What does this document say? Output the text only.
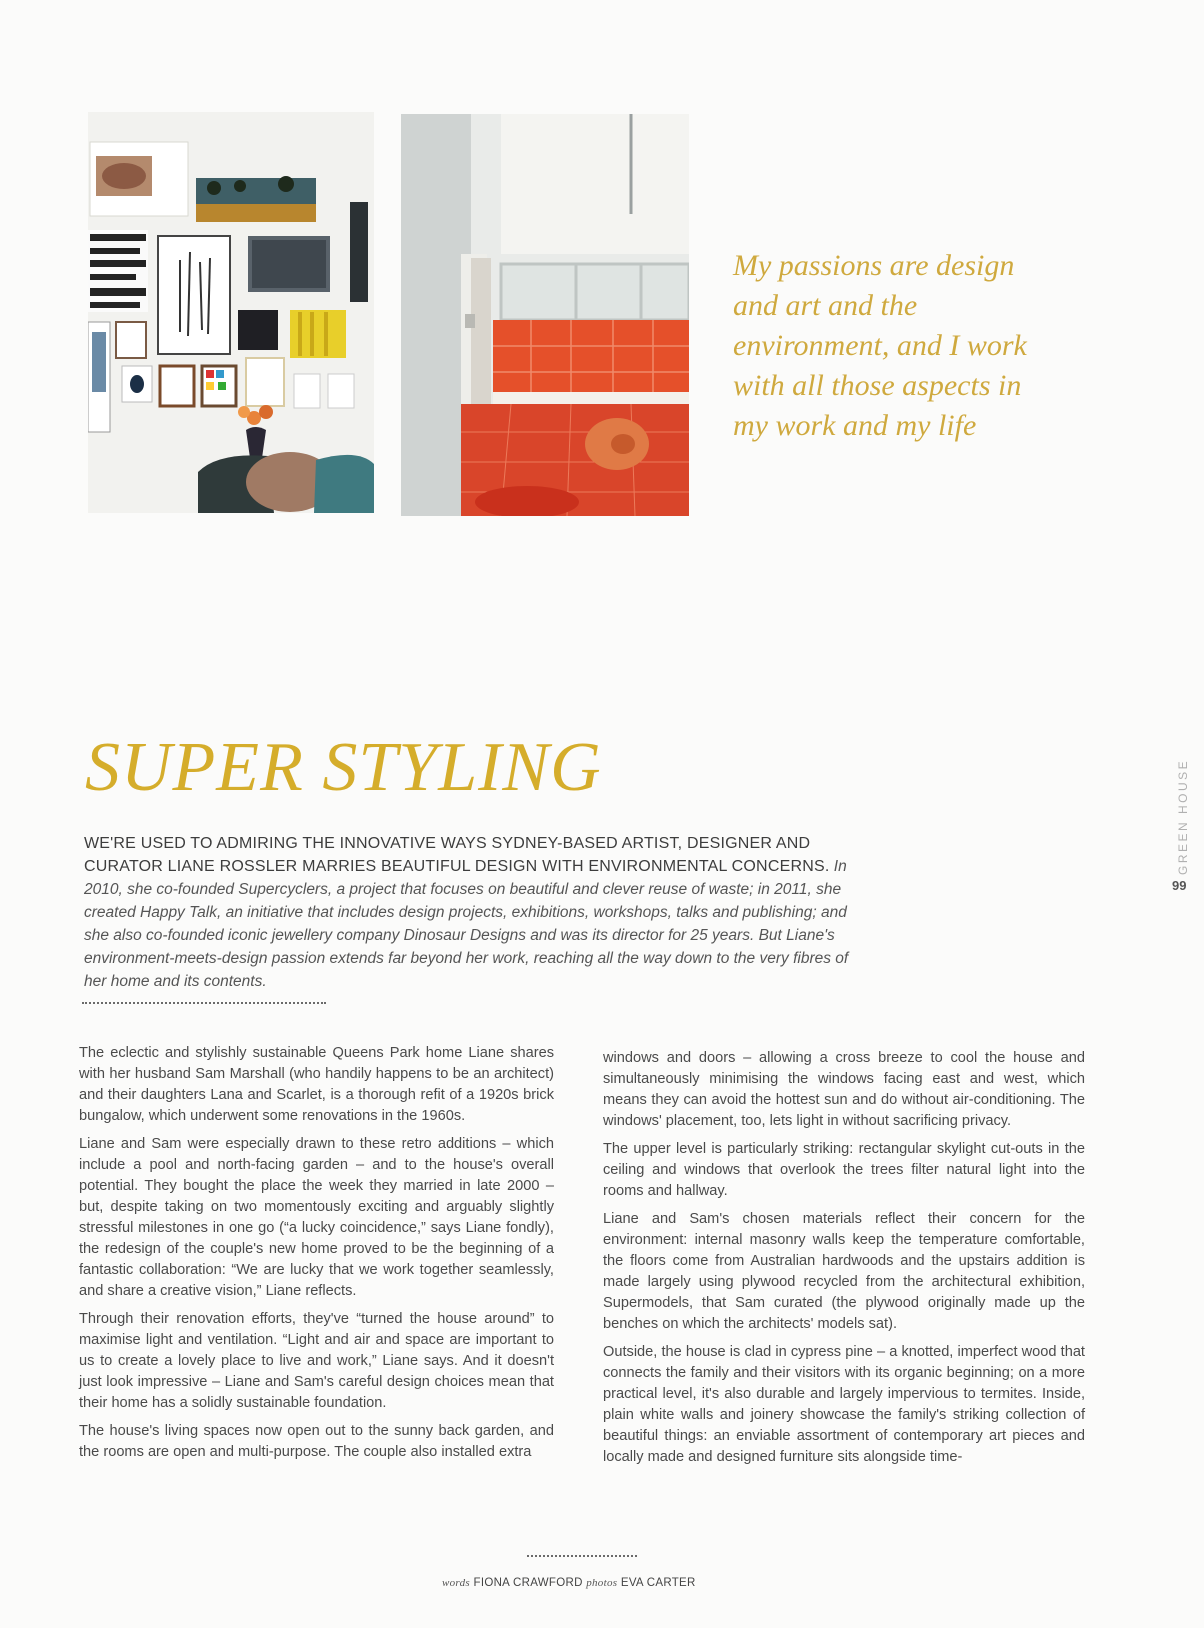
My passions are design and art and the environment, and I work with all those aspects in my work and my life
SUPER STYLING
WE'RE USED TO ADMIRING THE INNOVATIVE WAYS SYDNEY-BASED ARTIST, DESIGNER AND CURATOR LIANE ROSSLER MARRIES BEAUTIFUL DESIGN WITH ENVIRONMENTAL CONCERNS. In 2010, she co-founded Supercyclers, a project that focuses on beautiful and clever reuse of waste; in 2011, she created Happy Talk, an initiative that includes design projects, exhibitions, workshops, talks and publishing; and she also co-founded iconic jewellery company Dinosaur Designs and was its director for 25 years. But Liane's environment-meets-design passion extends far beyond her work, reaching all the way down to the very fibres of her home and its contents.

The eclectic and stylishly sustainable Queens Park home Liane shares with her husband Sam Marshall (who handily happens to be an architect) and their daughters Lana and Scarlet, is a thorough refit of a 1920s brick bungalow, which underwent some renovations in the 1960s.

Liane and Sam were especially drawn to these retro additions – which include a pool and north-facing garden – and to the house's overall potential. They bought the place the week they married in late 2000 – but, despite taking on two momentously exciting and arguably slightly stressful milestones in one go (“a lucky coincidence,” says Liane fondly), the redesign of the couple's new home proved to be the beginning of a fantastic collaboration: “We are lucky that we work together seamlessly, and share a creative vision,” Liane reflects.

Through their renovation efforts, they've “turned the house around” to maximise light and ventilation. “Light and air and space are important to us to create a lovely place to live and work,” Liane says. And it doesn't just look impressive – Liane and Sam's careful design choices mean that their home has a solidly sustainable foundation.

The house's living spaces now open out to the sunny back garden, and the rooms are open and multi-purpose. The couple also installed extra

windows and doors – allowing a cross breeze to cool the house and simultaneously minimising the windows facing east and west, which means they can avoid the hottest sun and do without air-conditioning. The windows' placement, too, lets light in without sacrificing privacy.

The upper level is particularly striking: rectangular skylight cut-outs in the ceiling and windows that overlook the trees filter natural light into the rooms and hallway.

Liane and Sam's chosen materials reflect their concern for the environment: internal masonry walls keep the temperature comfortable, the floors come from Australian hardwoods and the upstairs addition is made largely using plywood recycled from the architectural exhibition, Supermodels, that Sam curated (the plywood originally made up the benches on which the architects' models sat).

Outside, the house is clad in cypress pine – a knotted, imperfect wood that connects the family and their visitors with its organic beginning; on a more practical level, it's also durable and largely impervious to termites. Inside, plain white walls and joinery showcase the family's striking collection of beautiful things: an enviable assortment of contemporary art pieces and locally made and designed furniture sits alongside time-

GREEN HOUSE
99
words FIONA CRAWFORD photos EVA CARTER
